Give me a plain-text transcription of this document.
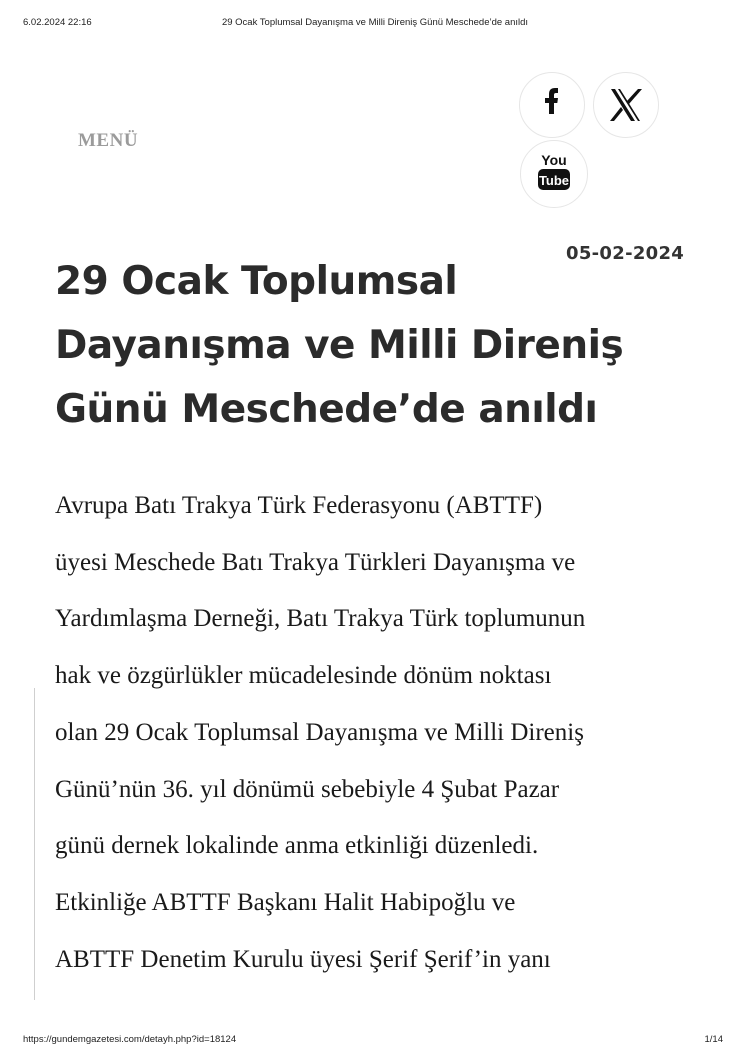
6.02.2024 22:16	29 Ocak Toplumsal Dayanışma ve Milli Direniş Günü Meschede’de anıldı
MENÜ
You
Tube
05-02-2024
29 Ocak Toplumsal
Dayanışma ve Milli Direniş
Günü Meschede’de anıldı
Avrupa Batı Trakya Türk Federasyonu (ABTTF)
üyesi Meschede Batı Trakya Türkleri Dayanışma ve
Yardımlaşma Derneği, Batı Trakya Türk toplumunun
hak ve özgürlükler mücadelesinde dönüm noktası
olan 29 Ocak Toplumsal Dayanışma ve Milli Direniş
Günü’nün 36. yıl dönümü sebebiyle 4 Şubat Pazar
günü dernek lokalinde anma etkinliği düzenledi.
Etkinliğe ABTTF Başkanı Halit Habipoğlu ve
ABTTF Denetim Kurulu üyesi Şerif Şerif’in yanı
https://gundemgazetesi.com/detayh.php?id=18124	1/14
